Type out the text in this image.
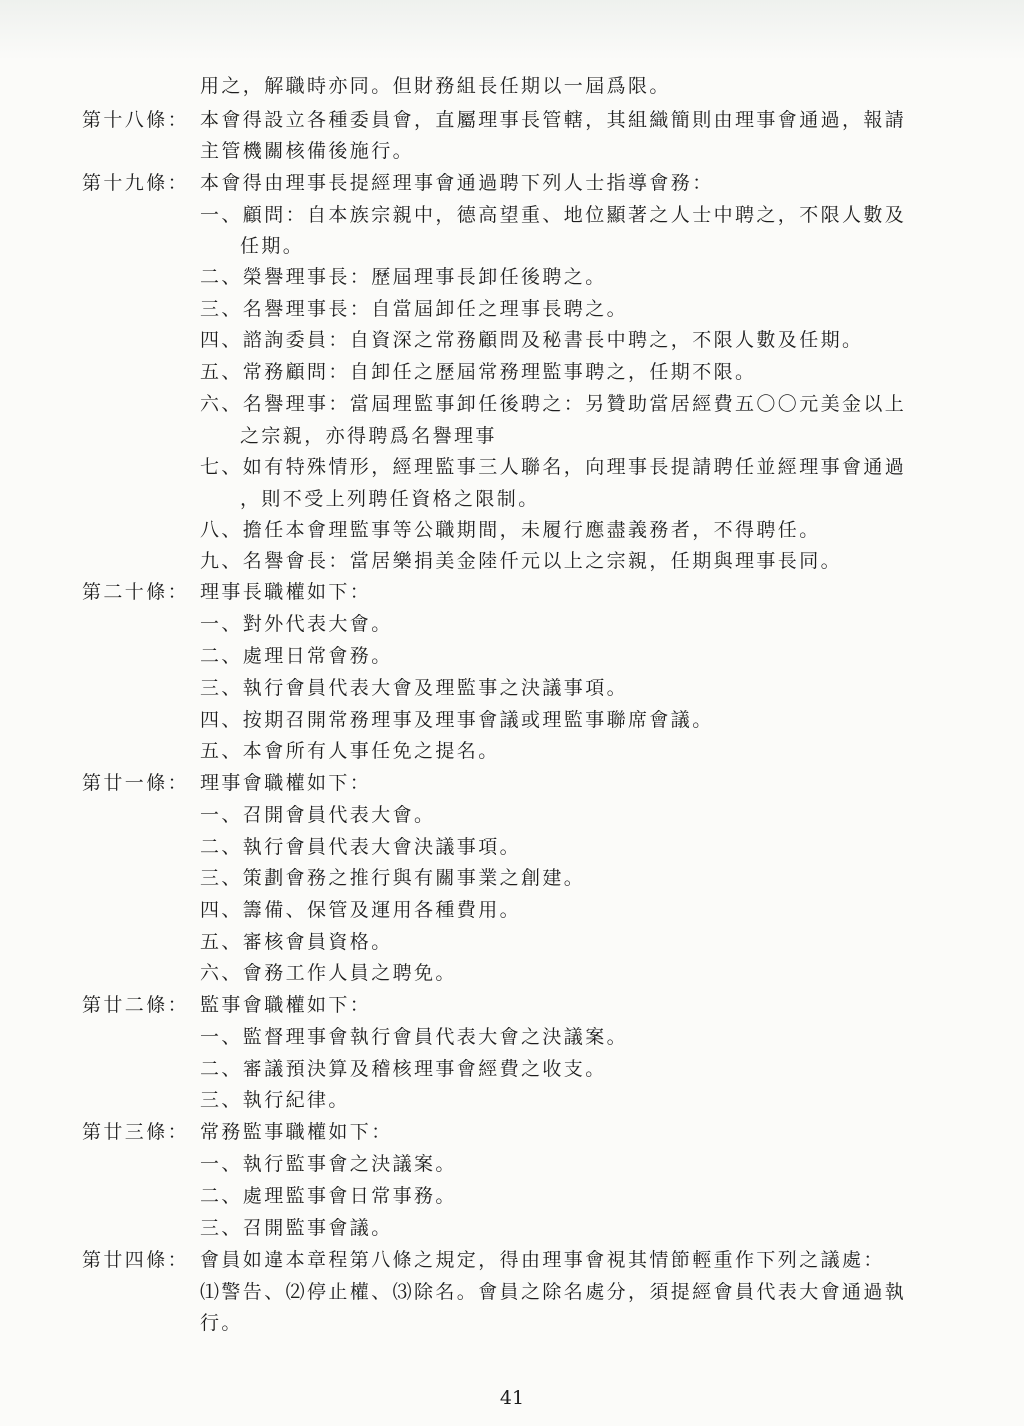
用之，解職時亦同。但財務組長任期以一屆爲限。
第十八條： 本會得設立各種委員會，直屬理事長管轄，其組織簡則由理事會通過，報請
主管機關核備後施行。
第十九條： 本會得由理事長提經理事會通過聘下列人士指導會務：
一、顧問：自本族宗親中，德高望重、地位顯著之人士中聘之，不限人數及
任期。
二、榮譽理事長：歷屆理事長卸任後聘之。
三、名譽理事長：自當屆卸任之理事長聘之。
四、諮詢委員：自資深之常務顧問及秘書長中聘之，不限人數及任期。
五、常務顧問：自卸任之歷屆常務理監事聘之，任期不限。
六、名譽理事：當屆理監事卸任後聘之：另贊助當居經費五〇〇元美金以上
之宗親，亦得聘爲名譽理事
七、如有特殊情形，經理監事三人聯名，向理事長提請聘任並經理事會通過
，則不受上列聘任資格之限制。
八、擔任本會理監事等公職期間，未履行應盡義務者，不得聘任。
九、名譽會長：當居樂捐美金陸仟元以上之宗親，任期與理事長同。
第二十條： 理事長職權如下：
一、對外代表大會。
二、處理日常會務。
三、執行會員代表大會及理監事之決議事項。
四、按期召開常務理事及理事會議或理監事聯席會議。
五、本會所有人事任免之提名。
第廿一條： 理事會職權如下：
一、召開會員代表大會。
二、執行會員代表大會決議事項。
三、策劃會務之推行與有關事業之創建。
四、籌備、保管及運用各種費用。
五、審核會員資格。
六、會務工作人員之聘免。
第廿二條： 監事會職權如下：
一、監督理事會執行會員代表大會之決議案。
二、審議預決算及稽核理事會經費之收支。
三、執行紀律。
第廿三條： 常務監事職權如下：
一、執行監事會之決議案。
二、處理監事會日常事務。
三、召開監事會議。
第廿四條： 會員如違本章程第八條之規定，得由理事會視其情節輕重作下列之議處：
⑴警告、⑵停止權、⑶除名。會員之除名處分，須提經會員代表大會通過執
行。
41
